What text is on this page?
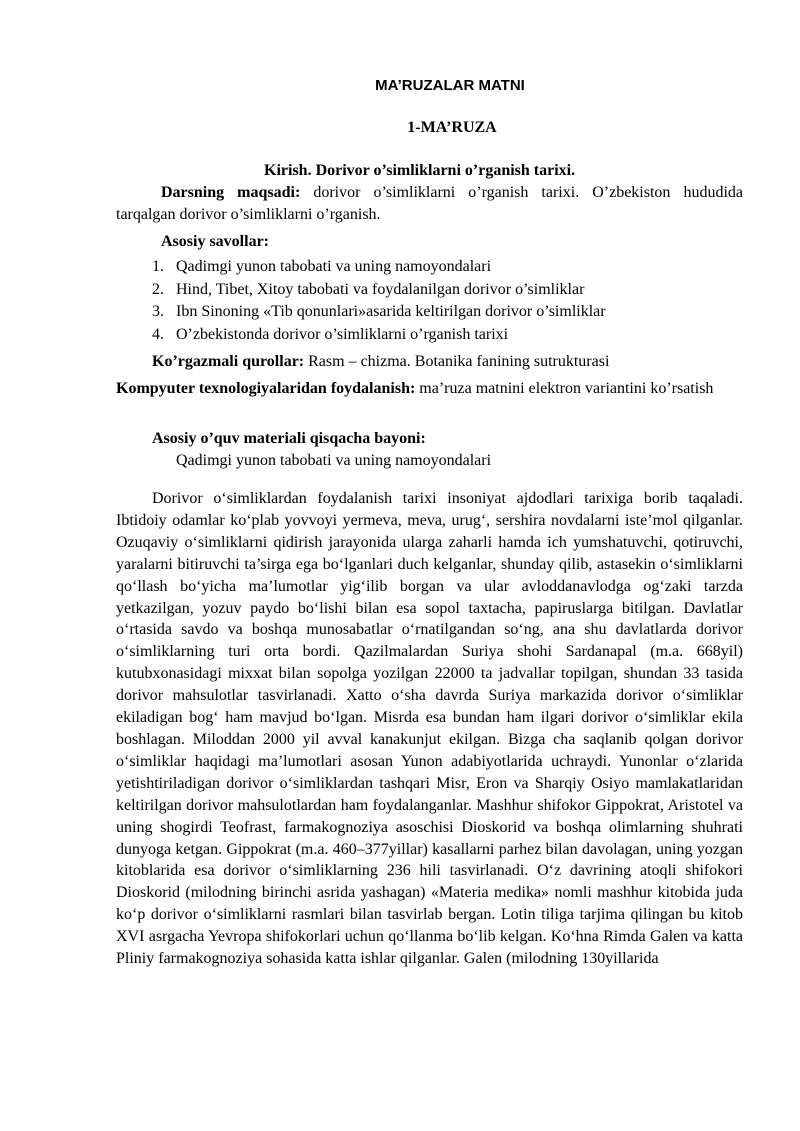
MA’RUZALAR MATNI
1-MA’RUZA
Kirish. Dorivor o’simliklarni o’rganish tarixi.
Darsning maqsadi: dorivor o’simliklarni o’rganish tarixi. O’zbekiston hududida tarqalgan dorivor o’simliklarni o’rganish.
Asosiy savollar:
1. Qadimgi yunon tabobati va uning namoyondalari
2. Hind, Tibet, Xitoy tabobati va foydalanilgan dorivor o’simliklar
3. Ibn Sinoning «Tib qonunlari»asarida keltirilgan dorivor o’simliklar
4. O’zbekistonda dorivor o’simliklarni o’rganish tarixi
Ko’rgazmali qurollar: Rasm – chizma. Botanika fanining sutrukturasi
Kompyuter texnologiyalaridan foydalanish: ma’ruza matnini elektron variantini ko’rsatish
Asosiy o’quv materiali qisqacha bayoni:
Qadimgi yunon tabobati va uning namoyondalari
Dorivor o‘simliklardan foydalanish tarixi insoniyat ajdodlari tarixiga borib taqaladi. Ibtidoiy odamlar ko‘plab yovvoyi yermeva, meva, urug‘, sershira novdalarni iste’mol qilganlar. Ozuqaviy o‘simliklarni qidirish jarayonida ularga zaharli hamda ich yumshatuvchi, qotiruvchi, yaralarni bitiruvchi ta’sirga ega bo‘lganlari duch kelganlar, shunday qilib, astasekin o‘simliklarni qo‘llash bo‘yicha ma’lumotlar yig‘ilib borgan va ular avloddanavlodga og‘zaki tarzda yetkazilgan, yozuv paydo bo‘lishi bilan esa sopol taxtacha, papiruslarga bitilgan. Davlatlar o‘rtasida savdo va boshqa munosabatlar o‘rnatilgandan so‘ng, ana shu davlatlarda dorivor o‘simliklarning turi orta bordi. Qazilmalardan Suriya shohi Sardanapal (m.a. 668yil) kutubxonasidagi mixxat bilan sopolga yozilgan 22000 ta jadvallar topilgan, shundan 33 tasida dorivor mahsulotlar tasvirlanadi. Xatto o‘sha davrda Suriya markazida dorivor o‘simliklar ekiladigan bog‘ ham mavjud bo‘lgan. Misrda esa bundan ham ilgari dorivor o‘simliklar ekila boshlagan. Miloddan 2000 yil avval kanakunjut ekilgan. Bizga cha saqlanib qolgan dorivor o‘simliklar haqidagi ma’lumotlari asosan Yunon adabiyotlarida uchraydi. Yunonlar o‘zlarida yetishtiriladigan dorivor o‘simliklardan tashqari Misr, Eron va Sharqiy Osiyo mamlakatlaridan keltirilgan dorivor mahsulotlardan ham foydalanganlar. Mashhur shifokor Gippokrat, Aristotel va uning shogirdi Teofrast, farmakognoziya asoschisi Dioskorid va boshqa olimlarning shuhrati dunyoga ketgan. Gippokrat (m.a. 460–377yillar) kasallarni parhez bilan davolagan, uning yozgan kitoblarida esa dorivor o‘simliklarning 236 hili tasvirlanadi. O‘z davrining atoqli shifokori Dioskorid (milodning birinchi asrida yashagan) «Materia medika» nomli mashhur kitobida juda ko‘p dorivor o‘simliklarni rasmlari bilan tasvirlab bergan. Lotin tiliga tarjima qilingan bu kitob XVI asrgacha Yevropa shifokorlari uchun qo‘llanma bo‘lib kelgan. Ko‘hna Rimda Galen va katta Pliniy farmakognoziya sohasida katta ishlar qilganlar. Galen (milodning 130yillarida
